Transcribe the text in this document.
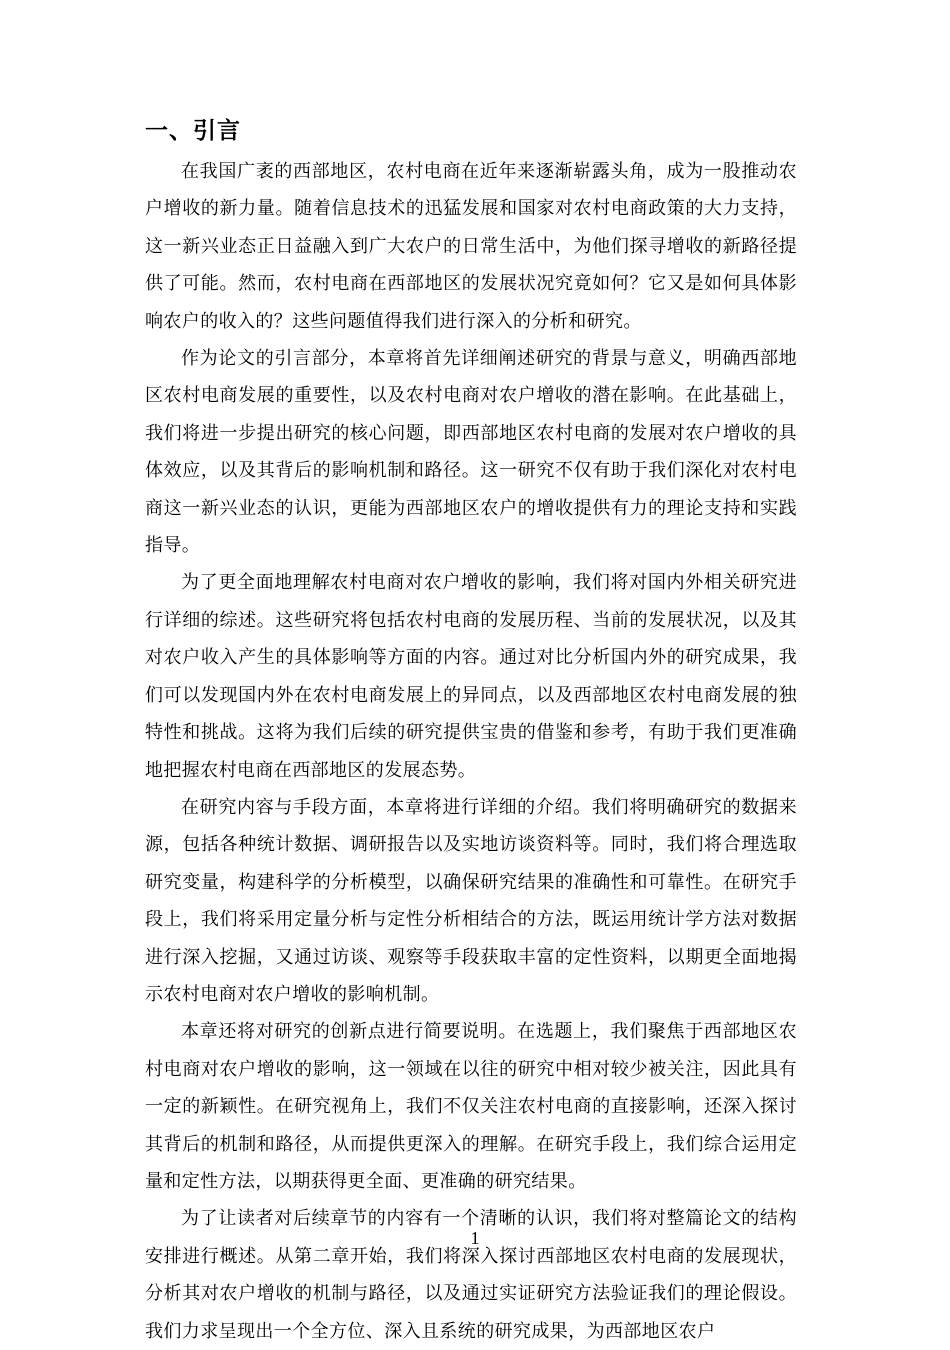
一、引言

在我国广袤的西部地区，农村电商在近年来逐渐崭露头角，成为一股推动农户增收的新力量。随着信息技术的迅猛发展和国家对农村电商政策的大力支持，这一新兴业态正日益融入到广大农户的日常生活中，为他们探寻增收的新路径提供了可能。然而，农村电商在西部地区的发展状况究竟如何？它又是如何具体影响农户的收入的？这些问题值得我们进行深入的分析和研究。

作为论文的引言部分，本章将首先详细阐述研究的背景与意义，明确西部地区农村电商发展的重要性，以及农村电商对农户增收的潜在影响。在此基础上，我们将进一步提出研究的核心问题，即西部地区农村电商的发展对农户增收的具体效应，以及其背后的影响机制和路径。这一研究不仅有助于我们深化对农村电商这一新兴业态的认识，更能为西部地区农户的增收提供有力的理论支持和实践指导。

为了更全面地理解农村电商对农户增收的影响，我们将对国内外相关研究进行详细的综述。这些研究将包括农村电商的发展历程、当前的发展状况，以及其对农户收入产生的具体影响等方面的内容。通过对比分析国内外的研究成果，我们可以发现国内外在农村电商发展上的异同点，以及西部地区农村电商发展的独特性和挑战。这将为我们后续的研究提供宝贵的借鉴和参考，有助于我们更准确地把握农村电商在西部地区的发展态势。

在研究内容与手段方面，本章将进行详细的介绍。我们将明确研究的数据来源，包括各种统计数据、调研报告以及实地访谈资料等。同时，我们将合理选取研究变量，构建科学的分析模型，以确保研究结果的准确性和可靠性。在研究手段上，我们将采用定量分析与定性分析相结合的方法，既运用统计学方法对数据进行深入挖掘，又通过访谈、观察等手段获取丰富的定性资料，以期更全面地揭示农村电商对农户增收的影响机制。

本章还将对研究的创新点进行简要说明。在选题上，我们聚焦于西部地区农村电商对农户增收的影响，这一领域在以往的研究中相对较少被关注，因此具有一定的新颖性。在研究视角上，我们不仅关注农村电商的直接影响，还深入探讨其背后的机制和路径，从而提供更深入的理解。在研究手段上，我们综合运用定量和定性方法，以期获得更全面、更准确的研究结果。

为了让读者对后续章节的内容有一个清晰的认识，我们将对整篇论文的结构安排进行概述。从第二章开始，我们将深入探讨西部地区农村电商的发展现状，分析其对农户增收的机制与路径，以及通过实证研究方法验证我们的理论假设。我们力求呈现出一个全方位、深入且系统的研究成果，为西部地区农户

1
